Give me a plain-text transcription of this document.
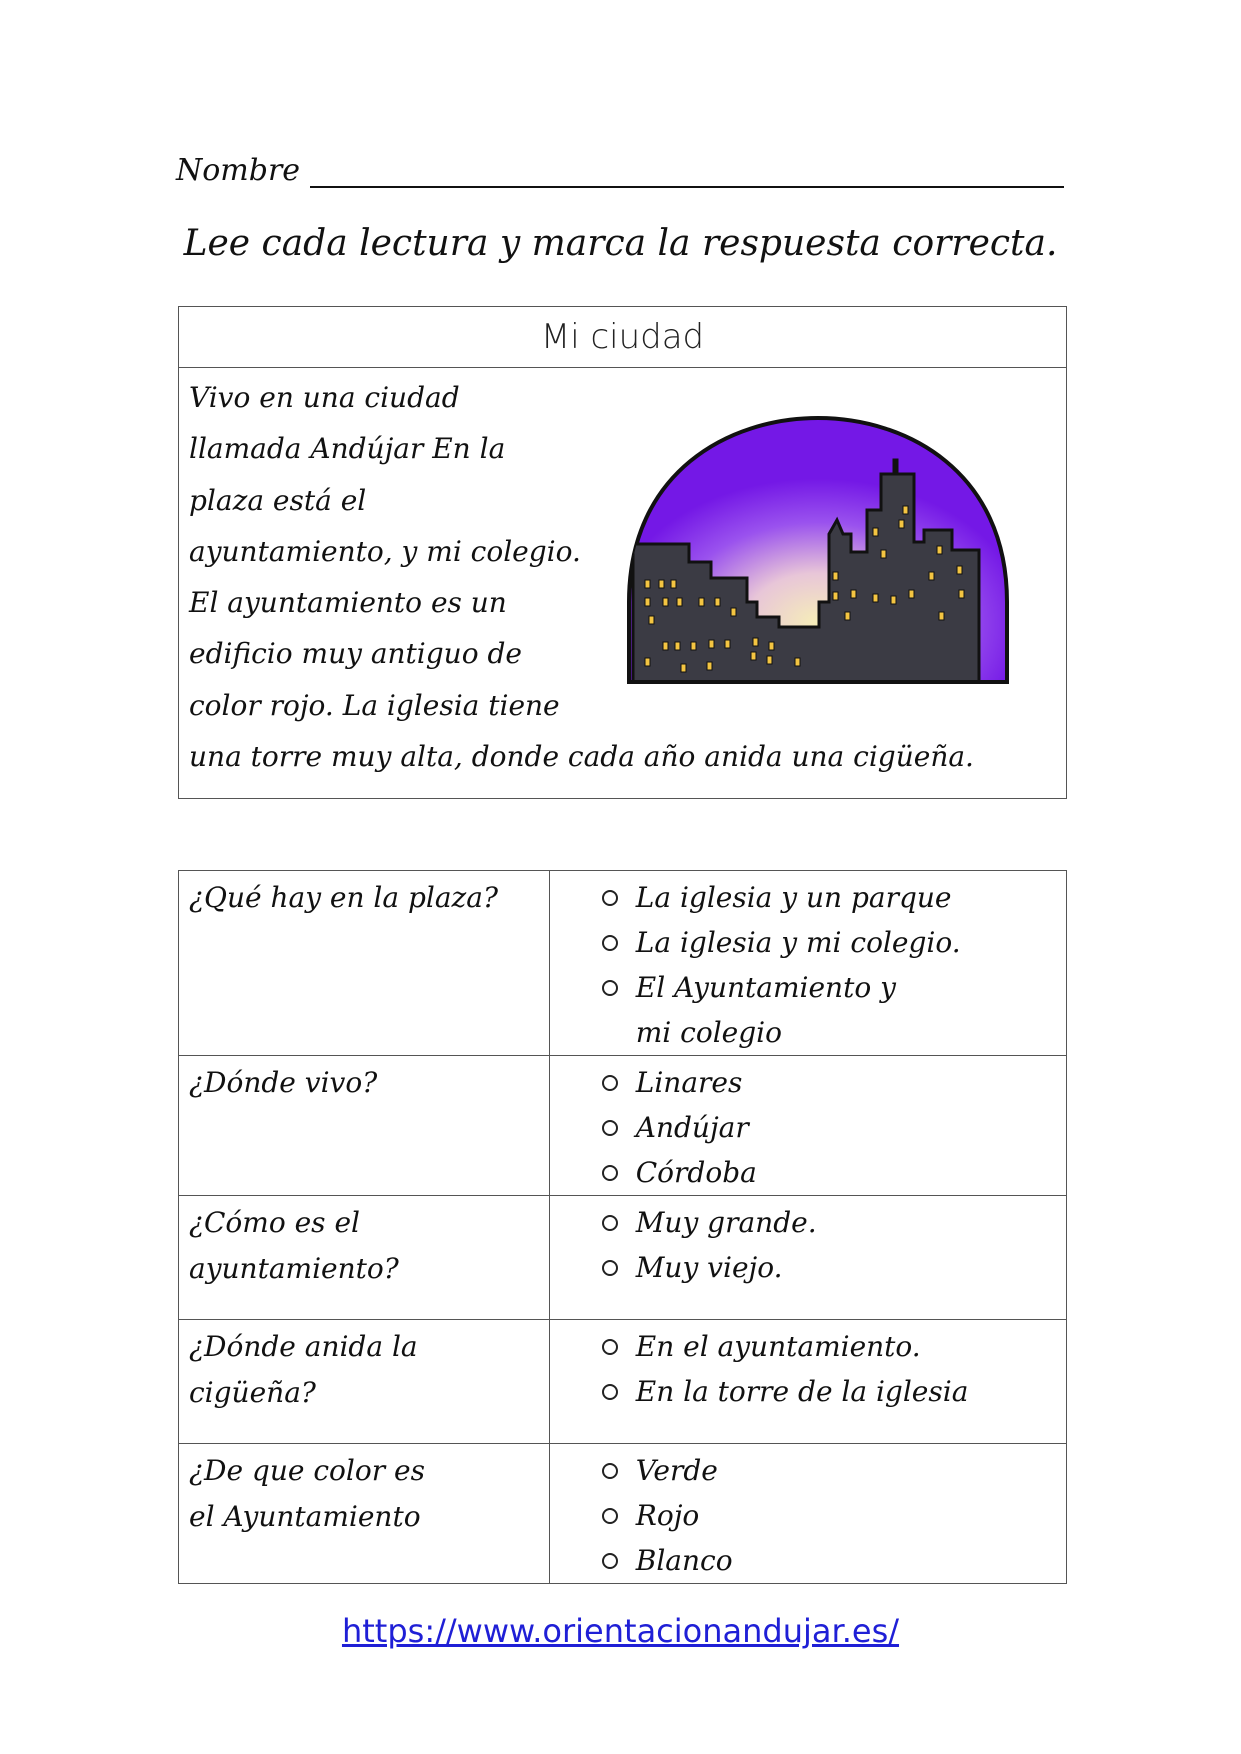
Nombre
Lee cada lectura y marca la respuesta correcta.
Mi ciudad
Vivo en una ciudad
llamada Andújar En la
plaza está el
ayuntamiento, y mi colegio.
El ayuntamiento es un
edificio muy antiguo de
color rojo. La iglesia tiene
una torre muy alta, donde cada año anida una cigüeña.
¿Qué hay en la plaza?	La iglesia y un parque
La iglesia y mi colegio.
El Ayuntamiento y mi colegio

¿Dónde vivo?	Linares
Andújar
Córdoba

¿Cómo es el ayuntamiento?	Muy grande.
Muy viejo.

¿Dónde anida la cigüeña?	En el ayuntamiento.
En la torre de la iglesia

¿De que color es el Ayuntamiento	Verde
Rojo
Blanco
https://www.orientacionandujar.es/
